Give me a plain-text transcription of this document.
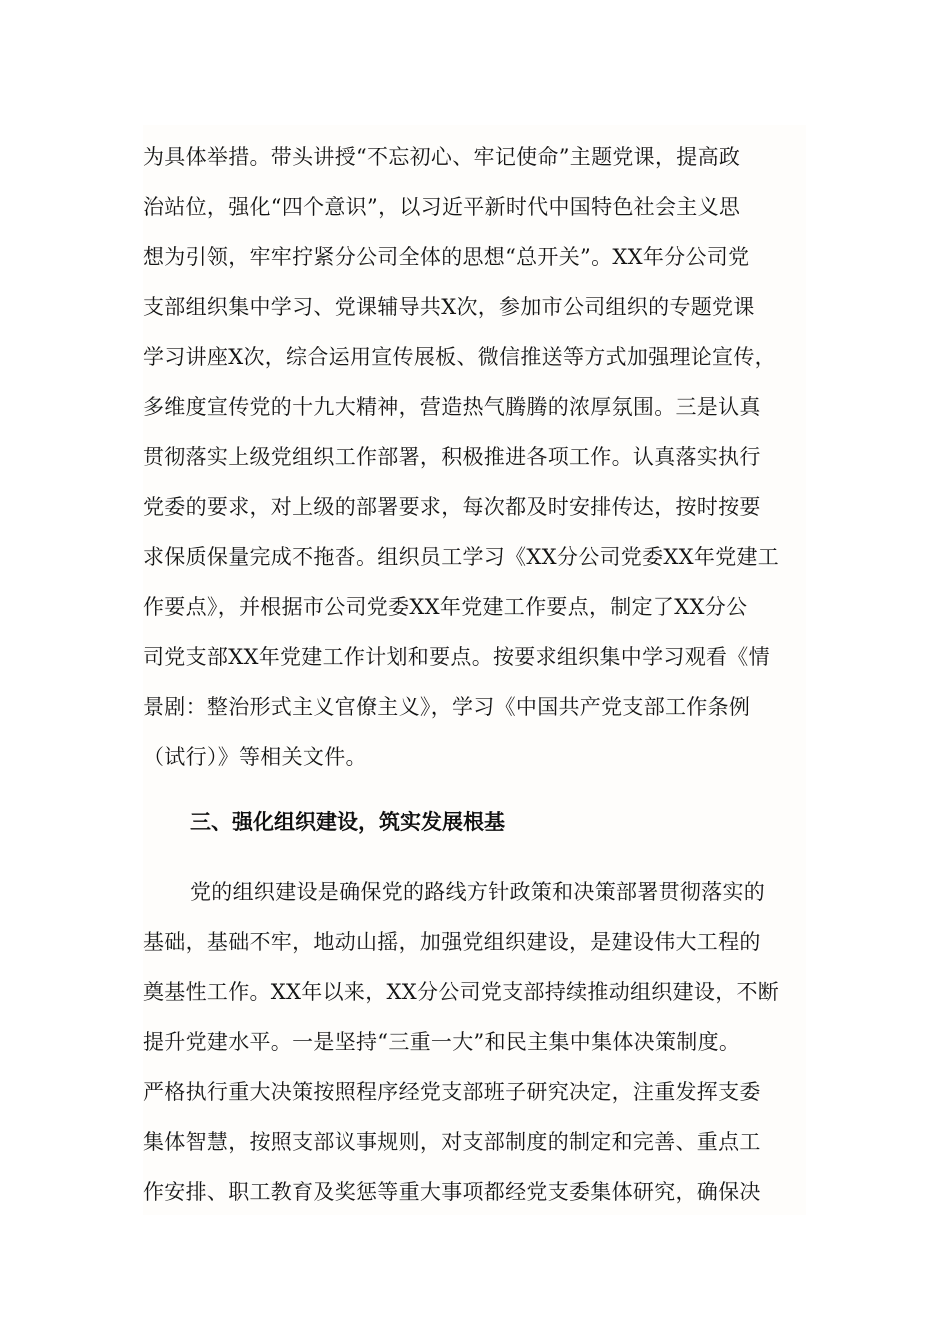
为具体举措。带头讲授“不忘初心、牢记使命”主题党课，提高政
治站位，强化“四个意识”，以习近平新时代中国特色社会主义思
想为引领，牢牢拧紧分公司全体的思想“总开关”。XX年分公司党
支部组织集中学习、党课辅导共X次，参加市公司组织的专题党课
学习讲座X次，综合运用宣传展板、微信推送等方式加强理论宣传，
多维度宣传党的十九大精神，营造热气腾腾的浓厚氛围。三是认真
贯彻落实上级党组织工作部署，积极推进各项工作。认真落实执行
党委的要求，对上级的部署要求，每次都及时安排传达，按时按要
求保质保量完成不拖沓。组织员工学习《XX分公司党委XX年党建工
作要点》，并根据市公司党委XX年党建工作要点，制定了XX分公
司党支部XX年党建工作计划和要点。按要求组织集中学习观看《情
景剧：整治形式主义官僚主义》，学习《中国共产党支部工作条例
（试行）》等相关文件。
三、强化组织建设，筑实发展根基
党的组织建设是确保党的路线方针政策和决策部署贯彻落实的
基础，基础不牢，地动山摇，加强党组织建设，是建设伟大工程的
奠基性工作。XX年以来，XX分公司党支部持续推动组织建设，不断
提升党建水平。一是坚持“三重一大”和民主集中集体决策制度。
严格执行重大决策按照程序经党支部班子研究决定，注重发挥支委
集体智慧，按照支部议事规则，对支部制度的制定和完善、重点工
作安排、职工教育及奖惩等重大事项都经党支委集体研究，确保决
